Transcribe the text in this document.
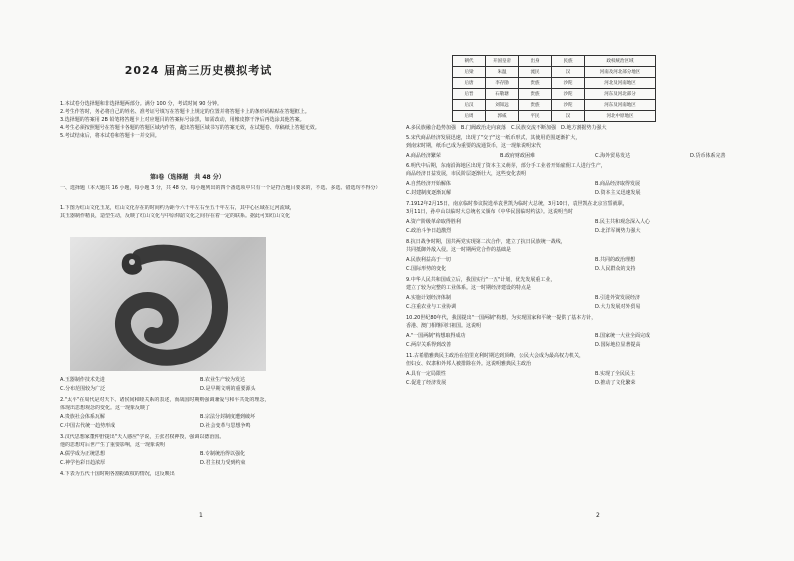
2024 届高三历史模拟考试
1.本试卷分选择题和非选择题两部分。满分 100 分，考试时间 90 分钟。
2.考生作答时，务必将自己的姓名、准考证号填写在答题卡上规定的位置并将答题卡上的条形码粘贴在答题框上。
3.选择题的答案用 2B 铅笔将答题卡上对应题目的答案标号涂黑，如需改动，用橡皮擦干净后再选涂其他答案。
4.考生必须按照题号在答题卡各题的答题区域内作答，超出答题区域书写的答案无效，在试题卷、草稿纸上答题无效。
5.考试结束后，将本试卷和答题卡一并交回。
第Ⅰ卷（选择题　共 48 分）
一、选择题（本大题共 16 小题，每小题 3 分，共 48 分。每小题列出的四个备选项中只有一个是符合题目要求的，不选、多选、错选均不得分）
1.下图为红山文化玉龙，红山文化存在的时间约为距今六千年左右至五千年左右，其中心区域在辽河流域，
其玉器制作精良，造型生动，反映了红山文化与中原仰韶文化之间存在着一定的联系。据此可知红山文化
A.玉器制作技术先进	B.农业生产较为发达
C.分布范围较为广泛	D.是早期文明的重要源头
2."太平"在周代是对天下、诸侯间和睦关系的表述，而战国时期则强调兼爱与和平共处的理念，
体现出思想观念的变化。这一现象反映了
A.贵族社会体系瓦解	B.宗法分封制度遭到破坏
C.中国古代统一趋势形成	D.社会变革与思想争鸣
3.汉代思想家董仲舒提出"天人感应"学说，主张君权神授，强调以德治国。
他的思想对后世产生了重要影响，这一现象说明
A.儒学成为正统思想	B.专制统治得以强化
C.神学色彩日趋浓厚	D.君主权力受到约束
4.下表为五代十国时期各割据政权的情况，这反映出
1
朝代	开国皇帝	出身	民族	政权统治区域
后梁	朱温	流民	汉	河南及河北部分地区
后唐	李存勖	贵族	沙陀	河北及河南地区
后晋	石敬瑭	贵族	沙陀	河东及河北部分
后汉	刘知远	贵族	沙陀	河东及河南地区
后周	郭威	平民	汉	河北中原地区
A.多民族融合趋势加强　B.门阀政治走向衰落　C.民族交流不断加强　D.地方割据势力强大
5.宋代商品经济发展迅速，出现了"交子"这一纸币形式，其使用范围逐渐扩大，
到南宋时期，纸币已成为重要的流通货币，这一现象说明宋代
A.商品经济繁荣	B.政府财政困难	C.海外贸易发达	D.货币体系完善
6.明代中后期，东南沿海地区出现了资本主义萌芽，部分手工业者开始雇佣工人进行生产，
商品经济日益发展，市民阶层逐渐壮大，这些变化表明
A.自然经济开始解体	B.商品经济取得发展
C.封建制度逐渐瓦解	D.资本主义迅速发展
7.1912年2月15日，南京临时参议院选举袁世凯为临时大总统，3月10日，袁世凯在北京宣誓就职，
3月11日，孙中山以临时大总统名义颁布《中华民国临时约法》。这说明当时
A.资产阶级革命取得胜利	B.民主共和观念深入人心
C.政治斗争日趋激烈	D.北洋军阀势力强大
8.抗日战争时期，国共两党实现第二次合作，建立了抗日民族统一战线，
共同抵御外敌入侵。这一时期两党合作的基础是
A.民族利益高于一切	B.共同的政治理想
C.国际形势的变化	D.人民群众的支持
9.中华人民共和国成立后，我国实行"一五"计划，优先发展重工业，
建立了较为完整的工业体系。这一时期经济建设的特点是
A.实施计划经济体制	B.引进外资发展经济
C.注重农业与工业协调	D.大力发展对外贸易
10.20世纪80年代，我国提出"一国两制"构想，为实现国家和平统一提供了基本方针，
香港、澳门相继回归祖国。这说明
A."一国两制"构想取得成功	B.国家统一大业全面完成
C.两岸关系得到改善	D.国际地位显著提高
11.古希腊雅典民主政治在伯里克利时期达到顶峰，公民大会成为最高权力机关，
但妇女、奴隶和外邦人被排除在外。这说明雅典民主政治
A.具有一定局限性	B.实现了全民民主
C.促进了经济发展	D.推动了文化繁荣
2
